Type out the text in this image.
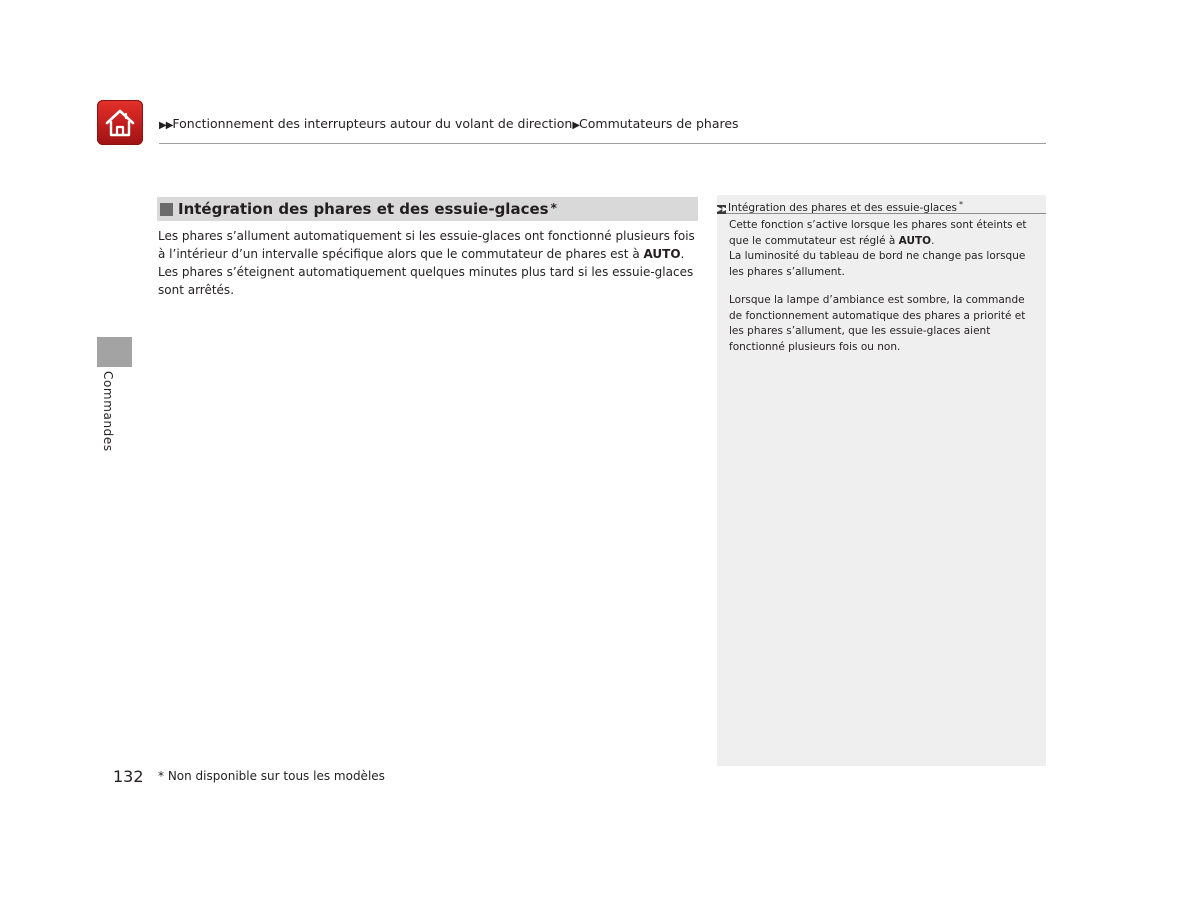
▶▶Fonctionnement des interrupteurs autour du volant de direction▶Commutateurs de phares
Intégration des phares et des essuie-glaces *

Les phares s’allument automatiquement si les essuie-glaces ont fonctionné plusieurs fois à l’intérieur d’un intervalle spécifique alors que le commutateur de phares est à AUTO.

Les phares s’éteignent automatiquement quelques minutes plus tard si les essuie-glaces sont arrêtés.

▶▶Intégration des phares et des essuie-glaces *

Cette fonction s’active lorsque les phares sont éteints et que le commutateur est réglé à AUTO.
La luminosité du tableau de bord ne change pas lorsque les phares s’allument.

Lorsque la lampe d’ambiance est sombre, la commande de fonctionnement automatique des phares a priorité et les phares s’allument, que les essuie-glaces aient fonctionné plusieurs fois ou non.

Commandes
132 * Non disponible sur tous les modèles
